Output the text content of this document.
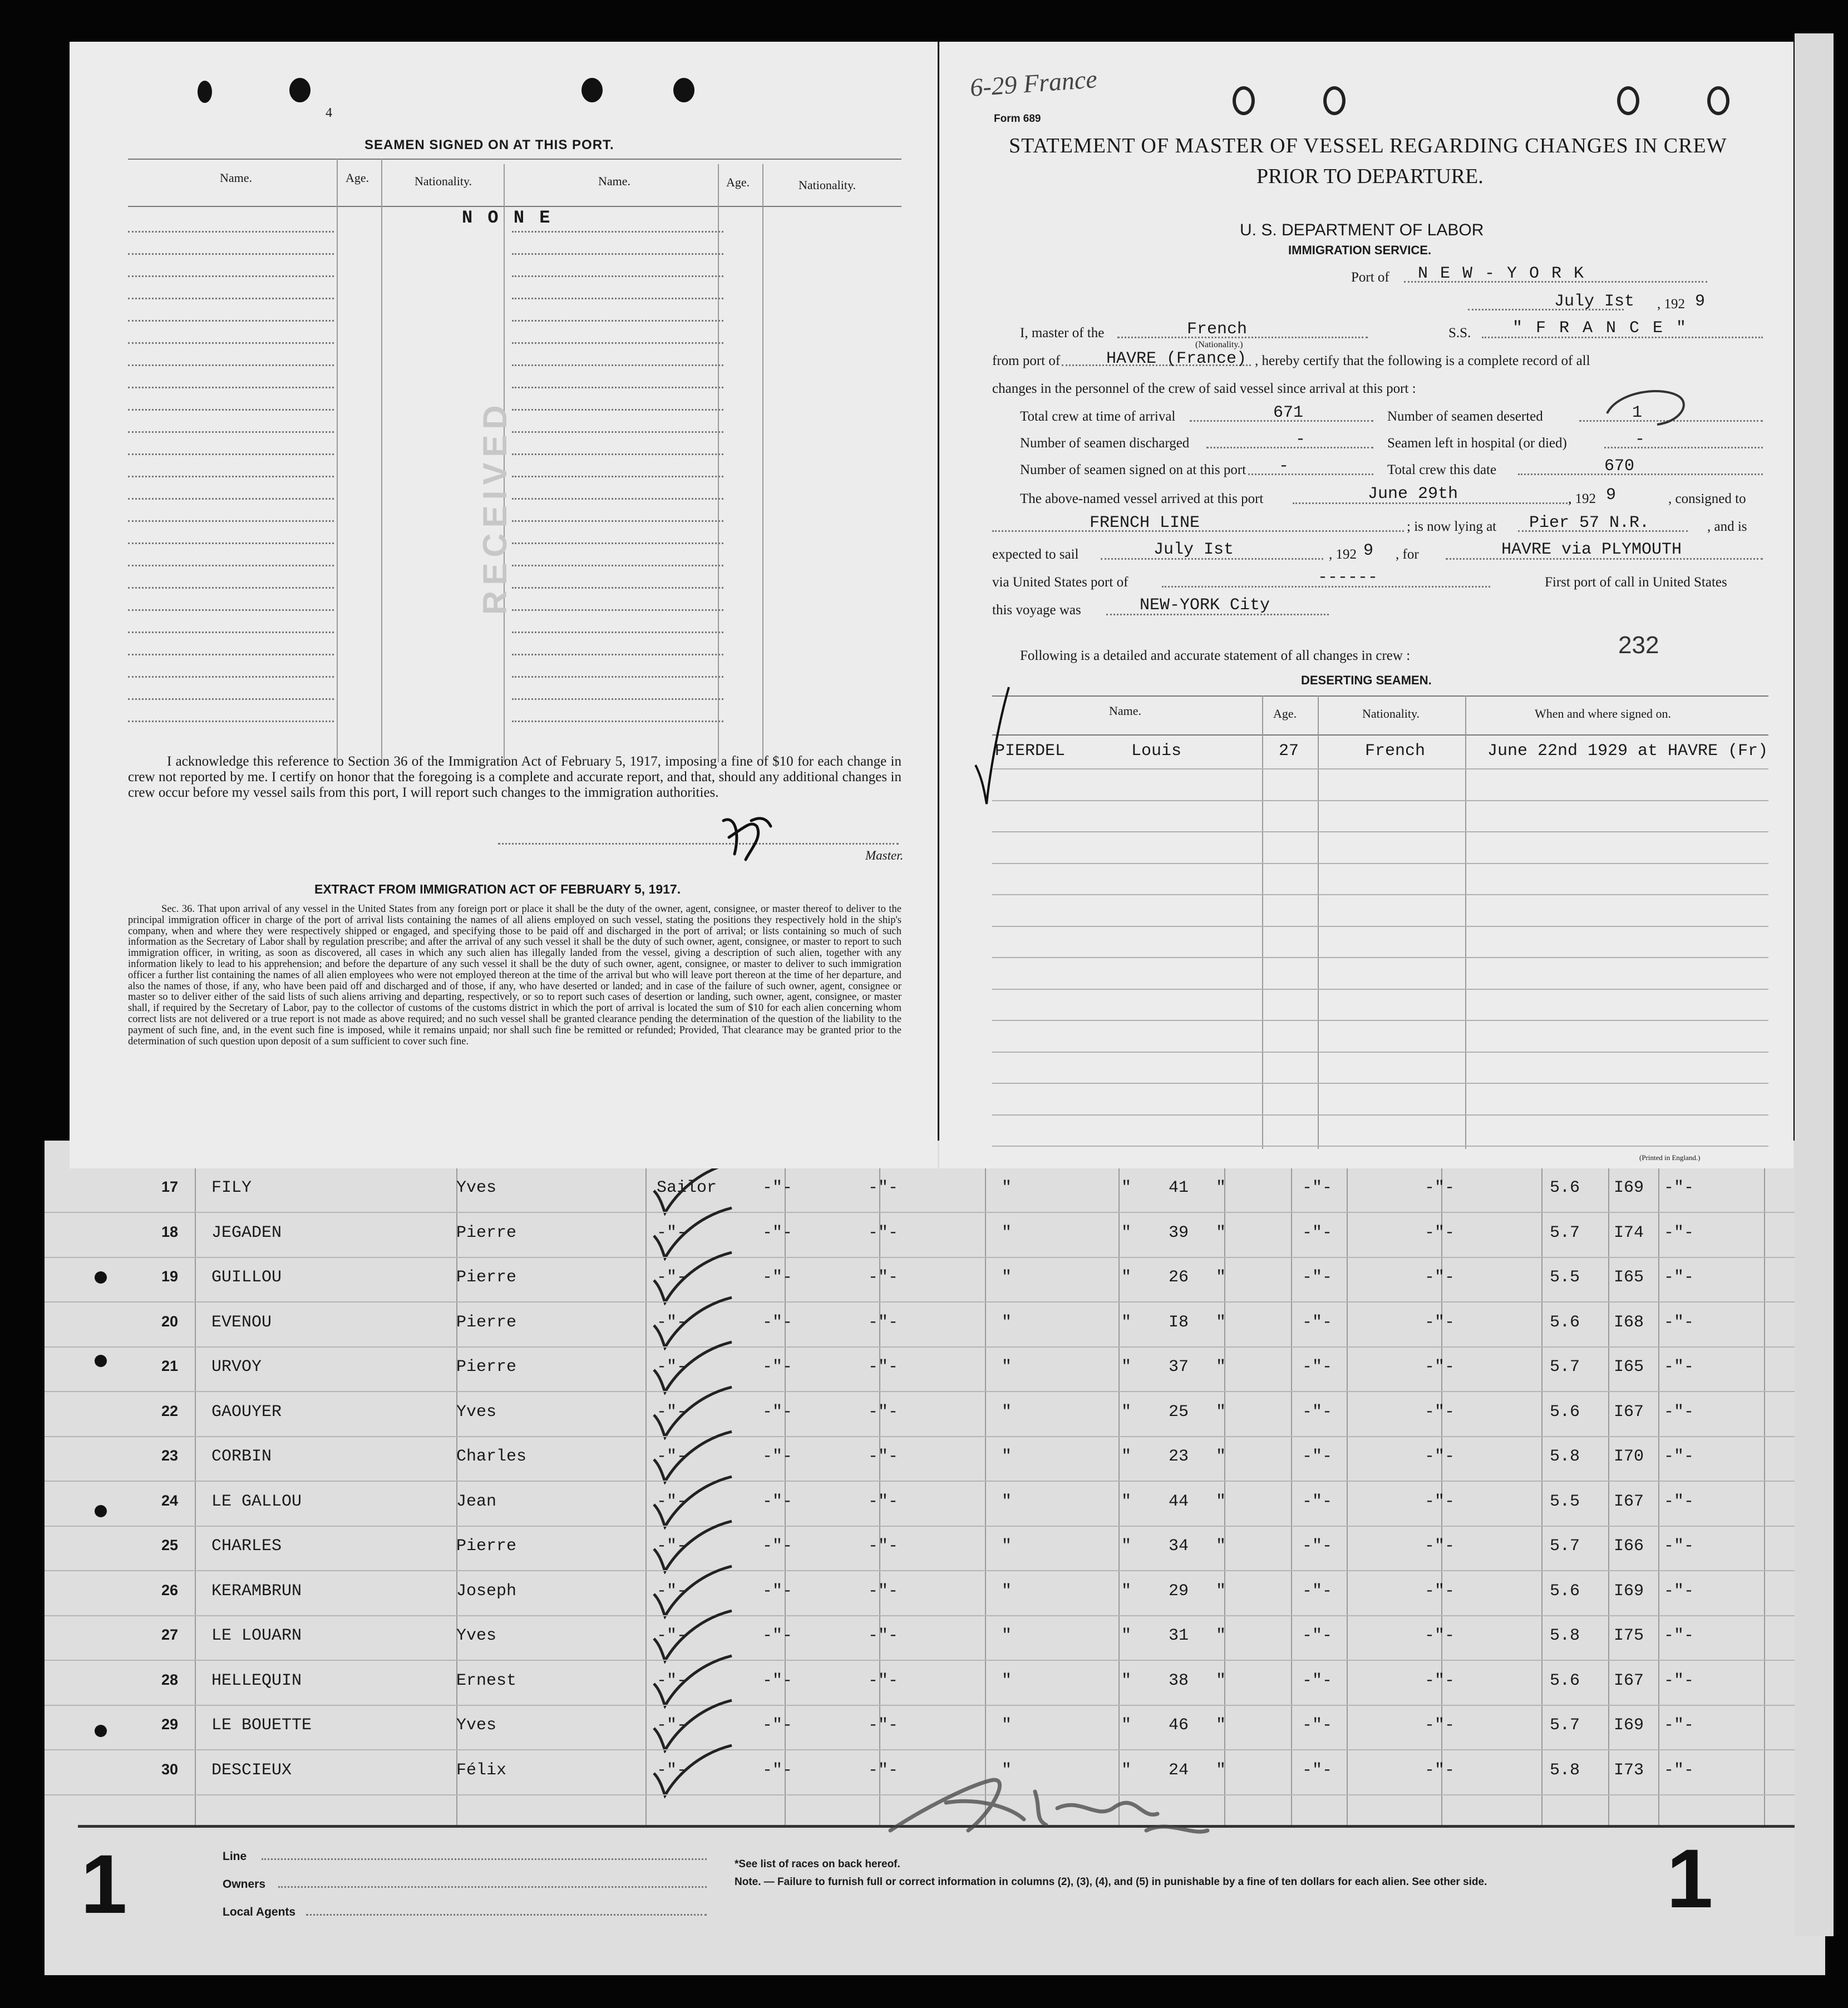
17 FILY	Yves	Sailor	-"-	-"-	"	" 41 "	-"-	-"-	5.6 I69 -"-
18 JEGADEN	Pierre	-"-	-"-	-"-	"	" 39 "	-"-	-"-	5.7 I74 -"-
19 GUILLOU	Pierre	-"-	-"-	-"-	"	" 26 "	-"-	-"-	5.5 I65 -"-
20 EVENOU	Pierre	-"-	-"-	-"-	"	" I8 "	-"-	-"-	5.6 I68 -"-
21 URVOY	Pierre	-"-	-"-	-"-	"	" 37 "	-"-	-"-	5.7 I65 -"-
22 GAOUYER	Yves	-"-	-"-	-"-	"	" 25 "	-"-	-"-	5.6 I67 -"-
23 CORBIN	Charles	-"-	-"-	-"-	"	" 23 "	-"-	-"-	5.8 I70 -"-
24 LE GALLOU	Jean	-"-	-"-	-"-	"	" 44 "	-"-	-"-	5.5 I67 -"-
25 CHARLES	Pierre	-"-	-"-	-"-	"	" 34 "	-"-	-"-	5.7 I66 -"-
26 KERAMBRUN	Joseph	-"-	-"-	-"-	"	" 29 "	-"-	-"-	5.6 I69 -"-
27 LE LOUARN	Yves	-"-	-"-	-"-	"	" 31 "	-"-	-"-	5.8 I75 -"-
28 HELLEQUIN	Ernest	-"-	-"-	-"-	"	" 38 "	-"-	-"-	5.6 I67 -"-
29 LE BOUETTE	Yves	-"-	-"-	-"-	"	" 46 "	-"-	-"-	5.7 I69 -"-
30 DESCIEUX	Félix	-"-	-"-	-"-	"	" 24 "	-"-	-"-	5.8 I73 -"-
Line
Owners
Local Agents
*See list of races on back hereof.
Note. — Failure to furnish full or correct information in columns (2), (3), (4), and (5) in punishable by a fine of ten dollars for each alien. See other side.
1	1
4
SEAMEN SIGNED ON AT THIS PORT.
Name.	Age.	Nationality.	Name.	Age.	Nationality.
N O N E
RECEIVED
I acknowledge this reference to Section 36 of the Immigration Act of February 5, 1917, imposing a fine of $10 for each change in crew not reported by me. I certify on honor that the foregoing is a complete and accurate report, and that, should any additional changes in crew occur before my vessel sails from this port, I will report such changes to the immigration authorities.
Master.
EXTRACT FROM IMMIGRATION ACT OF FEBRUARY 5, 1917.
Sec. 36. That upon arrival of any vessel in the United States from any foreign port or place it shall be the duty of the owner, agent, consignee, or master thereof to deliver to the principal immigration officer in charge of the port of arrival lists containing the names of all aliens employed on such vessel, stating the positions they respectively hold in the ship's company, when and where they were respectively shipped or engaged, and specifying those to be paid off and discharged in the port of arrival; or lists containing so much of such information as the Secretary of Labor shall by regulation prescribe; and after the arrival of any such vessel it shall be the duty of such owner, agent, consignee, or master to report to such immigration officer, in writing, as soon as discovered, all cases in which any such alien has illegally landed from the vessel, giving a description of such alien, together with any information likely to lead to his apprehension; and before the departure of any such vessel it shall be the duty of such owner, agent, consignee, or master to deliver to such immigration officer a further list containing the names of all alien employees who were not employed thereon at the time of the arrival but who will leave port thereon at the time of her departure, and also the names of those, if any, who have been paid off and discharged and of those, if any, who have deserted or landed; and in case of the failure of such owner, agent, consignee or master so to deliver either of the said lists of such aliens arriving and departing, respectively, or so to report such cases of desertion or landing, such owner, agent, consignee, or master shall, if required by the Secretary of Labor, pay to the collector of customs of the customs district in which the port of arrival is located the sum of $10 for each alien concerning whom correct lists are not delivered or a true report is not made as above required; and no such vessel shall be granted clearance pending the determination of the question of the liability to the payment of such fine, and, in the event such fine is imposed, while it remains unpaid; nor shall such fine be remitted or refunded; Provided, That clearance may be granted prior to the determination of such question upon deposit of a sum sufficient to cover such fine.
6-29 France
Form 689
STATEMENT OF MASTER OF VESSEL REGARDING CHANGES IN CREW
PRIOR TO DEPARTURE.
U. S. DEPARTMENT OF LABOR
IMMIGRATION SERVICE.
Port of N E W - Y O R K
July Ist , 192 9
I, master of the	French
(Nationality.)
S.S. " F R A N C E "
from port of	HAVRE (France) , hereby certify that the following is a complete record of all
changes in the personnel of the crew of said vessel since arrival at this port :
Total crew at time of arrival	671	Number of seamen deserted	1
Number of seamen discharged	-	Seamen left in hospital (or died)	-
Number of seamen signed on at this port -	Total crew this date	670
The above-named vessel arrived at this port	June 29th	, 192 9	, consigned to
FRENCH LINE	; is now lying at Pier 57 N.R.	, and is
expected to sail	July Ist	, 192 9 , for	HAVRE via PLYMOUTH
via United States port of	------	First port of call in United States
this voyage was	NEW-YORK City
232
Following is a detailed and accurate statement of all changes in crew :
DESERTING SEAMEN.
Name.	Age.	Nationality.	When and where signed on.
PIERDEL	Louis	27	French	June 22nd 1929 at HAVRE (Fr)
(Printed in England.)
